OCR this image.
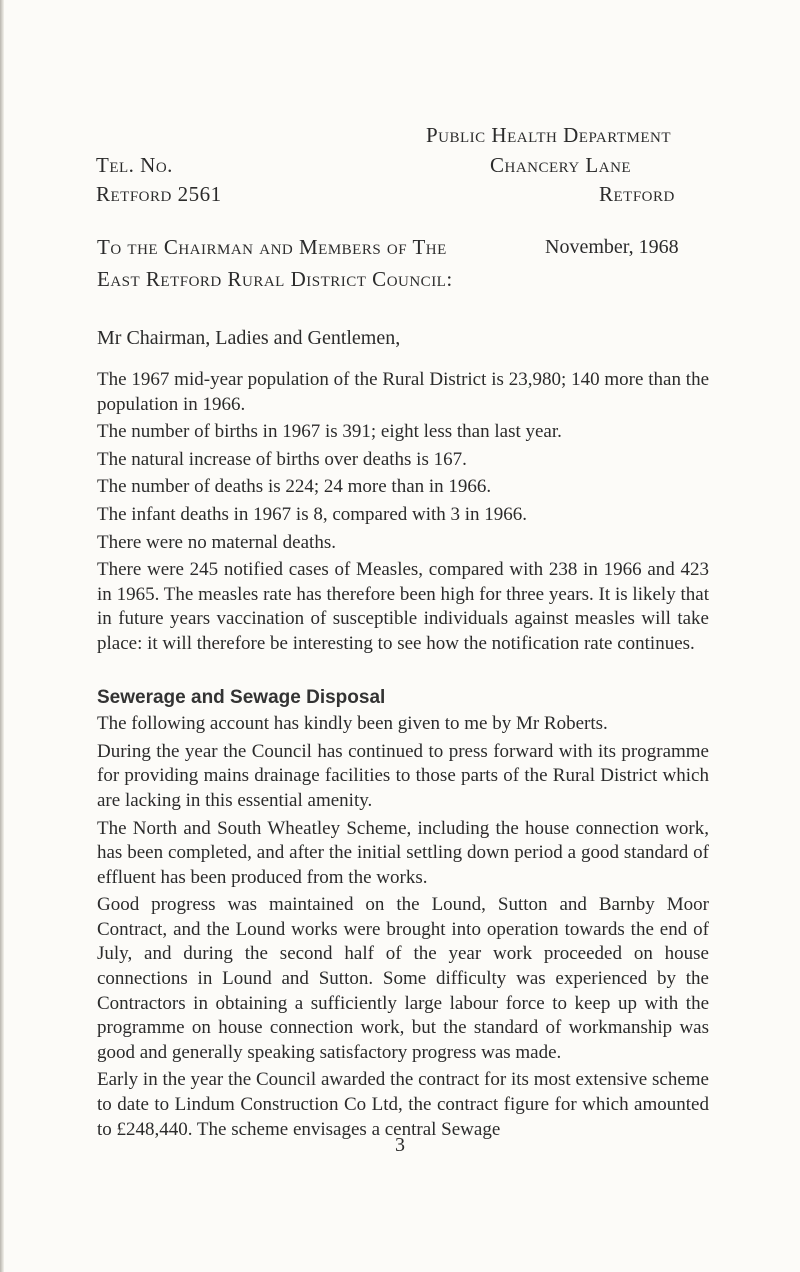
Public Health Department
Tel. No.	Chancery Lane
Retford 2561	Retford
To the Chairman and Members of The	November, 1968
East Retford Rural District Council:
Mr Chairman, Ladies and Gentlemen,

The 1967 mid-year population of the Rural District is 23,980; 140 more than the population in 1966.

The number of births in 1967 is 391; eight less than last year.

The natural increase of births over deaths is 167.

The number of deaths is 224; 24 more than in 1966.

The infant deaths in 1967 is 8, compared with 3 in 1966.

There were no maternal deaths.

There were 245 notified cases of Measles, compared with 238 in 1966 and 423 in 1965. The measles rate has therefore been high for three years. It is likely that in future years vaccination of susceptible individuals against measles will take place: it will therefore be interesting to see how the notification rate continues.

Sewerage and Sewage Disposal

The following account has kindly been given to me by Mr Roberts.

During the year the Council has continued to press forward with its programme for providing mains drainage facilities to those parts of the Rural District which are lacking in this essential amenity.

The North and South Wheatley Scheme, including the house connection work, has been completed, and after the initial settling down period a good standard of effluent has been produced from the works.

Good progress was maintained on the Lound, Sutton and Barnby Moor Contract, and the Lound works were brought into operation towards the end of July, and during the second half of the year work proceeded on house connections in Lound and Sutton. Some difficulty was experienced by the Contractors in obtaining a sufficiently large labour force to keep up with the programme on house connection work, but the standard of workmanship was good and generally speaking satisfactory progress was made.

Early in the year the Council awarded the contract for its most extensive scheme to date to Lindum Construction Co Ltd, the contract figure for which amounted to £248,440. The scheme envisages a central Sewage

3
